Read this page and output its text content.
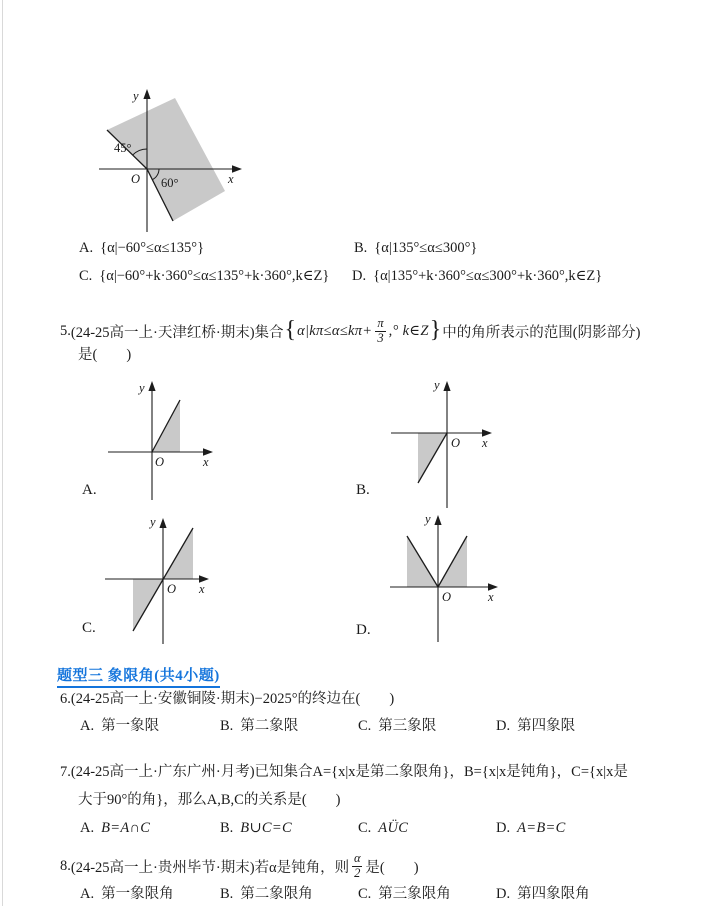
y
x
O
45°
60°
A. {α|−60°≤α≤135°}	B. {α|135°≤α≤300°}
C. {α|−60°+k·360°≤α≤135°+k·360°,k∈Z} D. {α|135°+k·360°≤α≤300°+k·360°,k∈Z}
5. (24-25高一上·天津红桥·期末) 集合 { $\alpha|k\pi\le\alpha\le k\pi+ \frac{\pi}{3}$ ,° k∈Z } 中的角所表示的范围(阴影部分)
是(　　)
y
x
O
A.
y
x
O
B.
y
x
O
C.
y
x
O
D.
题型三 象限角(共4小题)
6.(24-25高一上·安徽铜陵·期末)−2025°的终边在(　　)
A. 第一象限	B. 第二象限	C. 第三象限	D. 第四象限
7.(24-25高一上·广东广州·月考)已知集合A={x|x是第二象限角}，B={x|x是钝角}，C={x|x是
大于90°的角}，那么A,B,C的关系是(　　)
A. B=A∩C	B. B∪C=C	C. AÜC	D. A=B=C
8. (24-25高一上·贵州毕节·期末) 若α是钝角，则 $\frac{\alpha}{2}$ 是(　　)
A. 第一象限角	B. 第二象限角	C. 第三象限角	D. 第四象限角
